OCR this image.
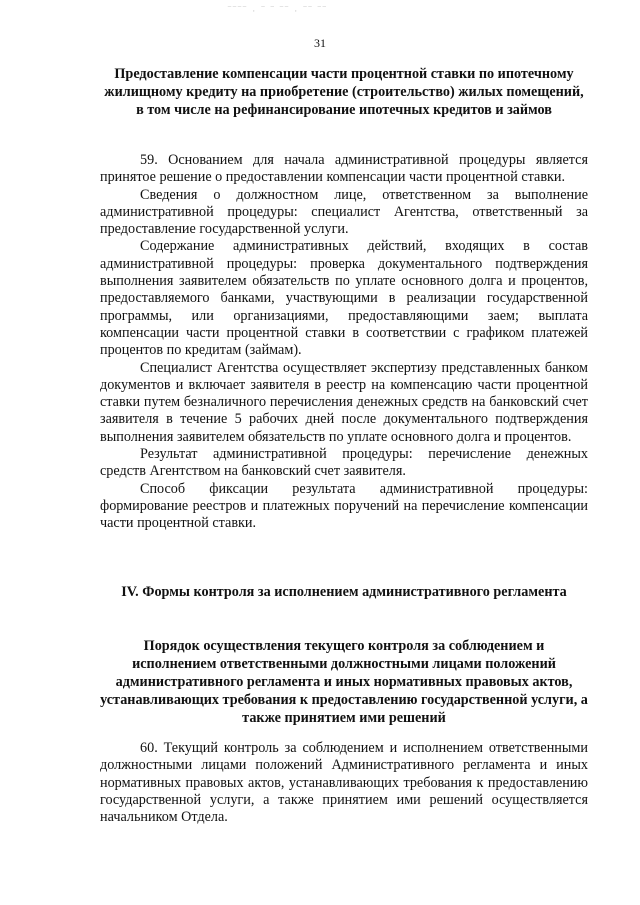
‾‾‾‾ · ‾ ‾ ‾‾ · ‾‾ ‾‾
31
Предоставление компенсации части процентной ставки по ипотечному жилищному кредиту на приобретение (строительство) жилых помещений, в том числе на рефинансирование ипотечных кредитов и займов

59. Основанием для начала административной процедуры является принятое решение о предоставлении компенсации части процентной ставки.

Сведения о должностном лице, ответственном за выполнение административной процедуры: специалист Агентства, ответственный за предоставление государственной услуги.

Содержание административных действий, входящих в состав административной процедуры: проверка документального подтверждения выполнения заявителем обязательств по уплате основного долга и процентов, предоставляемого банками, участвующими в реализации государственной программы, или организациями, предоставляющими заем; выплата компенсации части процентной ставки в соответствии с графиком платежей процентов по кредитам (займам).

Специалист Агентства осуществляет экспертизу представленных банком документов и включает заявителя в реестр на компенсацию части процентной ставки путем безналичного перечисления денежных средств на банковский счет заявителя в течение 5 рабочих дней после документального подтверждения выполнения заявителем обязательств по уплате основного долга и процентов.

Результат административной процедуры: перечисление денежных средств Агентством на банковский счет заявителя.

Способ фиксации результата административной процедуры: формирование реестров и платежных поручений на перечисление компенсации части процентной ставки.

IV. Формы контроля за исполнением административного регламента
Порядок осуществления текущего контроля за соблюдением и исполнением ответственными должностными лицами положений административного регламента и иных нормативных правовых актов, устанавливающих требования к предоставлению государственной услуги, а также принятием ими решений

60. Текущий контроль за соблюдением и исполнением ответственными должностными лицами положений Административного регламента и иных нормативных правовых актов, устанавливающих требования к предоставлению государственной услуги, а также принятием ими решений осуществляется начальником Отдела.
